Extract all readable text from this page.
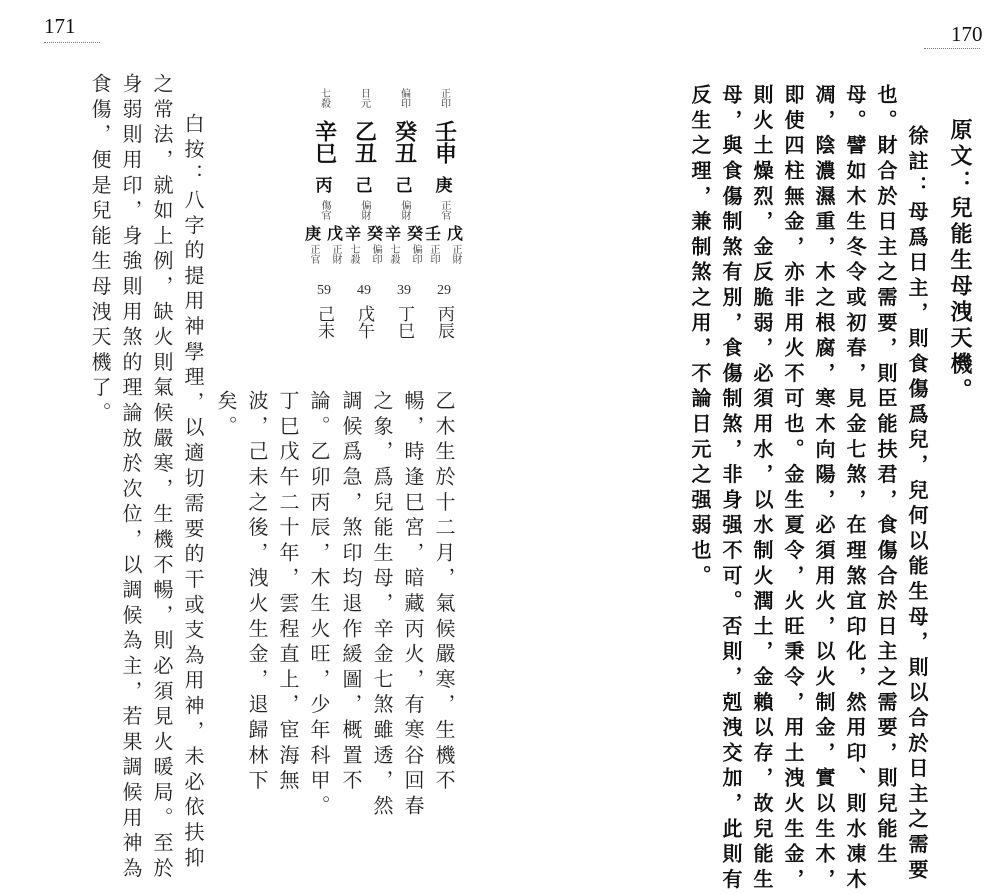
171
正印
壬申
庚
正官
偏印
癸丑
己
偏財
日元
乙丑
己
偏財
七殺
辛巳
丙
傷官
戊
正財
壬
正印
癸
偏印
辛
七殺
癸
偏印
辛
七殺
戊
正財
庚
正官
29
丙辰
39
丁巳
49
戊午
59
己未
乙木生於十二月，氣候嚴寒，生機不
暢，時逢巳宮，暗藏丙火，有寒谷回春
之象，爲兒能生母，辛金七煞雖透，然
調候爲急，煞印均退作緩圖，概置不
論。乙卯丙辰，木生火旺，少年科甲。
丁巳戊午二十年，雲程直上，宦海無
波，己未之後，洩火生金，退歸林下
矣。
白按：八字的提用神學理，以適切需要的干或支為用神，未必依扶抑
之常法，就如上例，缺火則氣候嚴寒，生機不暢，則必須見火暖局。至於
身弱則用印，身強則用煞的理論放於次位，以調候為主，若果調候用神為
食傷，便是兒能生母洩天機了。
170
原文：兒能生母洩天機。
徐註：母爲日主，則食傷爲兒，兒何以能生母，則以合於日主之需要
也。財合於日主之需要，則臣能扶君，食傷合於日主之需要，則兒能生
母。譬如木生冬令或初春，見金七煞，在理煞宜印化，然用印、則水凍木
凋，陰濃濕重，木之根腐，寒木向陽，必須用火，以火制金，實以生木，
即使四柱無金，亦非用火不可也。金生夏令，火旺秉令，用土洩火生金，
則火土燥烈，金反脆弱，必須用水，以水制火潤土，金賴以存，故兒能生
母，與食傷制煞有別，食傷制煞，非身强不可。否則，剋洩交加，此則有
反生之理，兼制煞之用，不論日元之强弱也。
